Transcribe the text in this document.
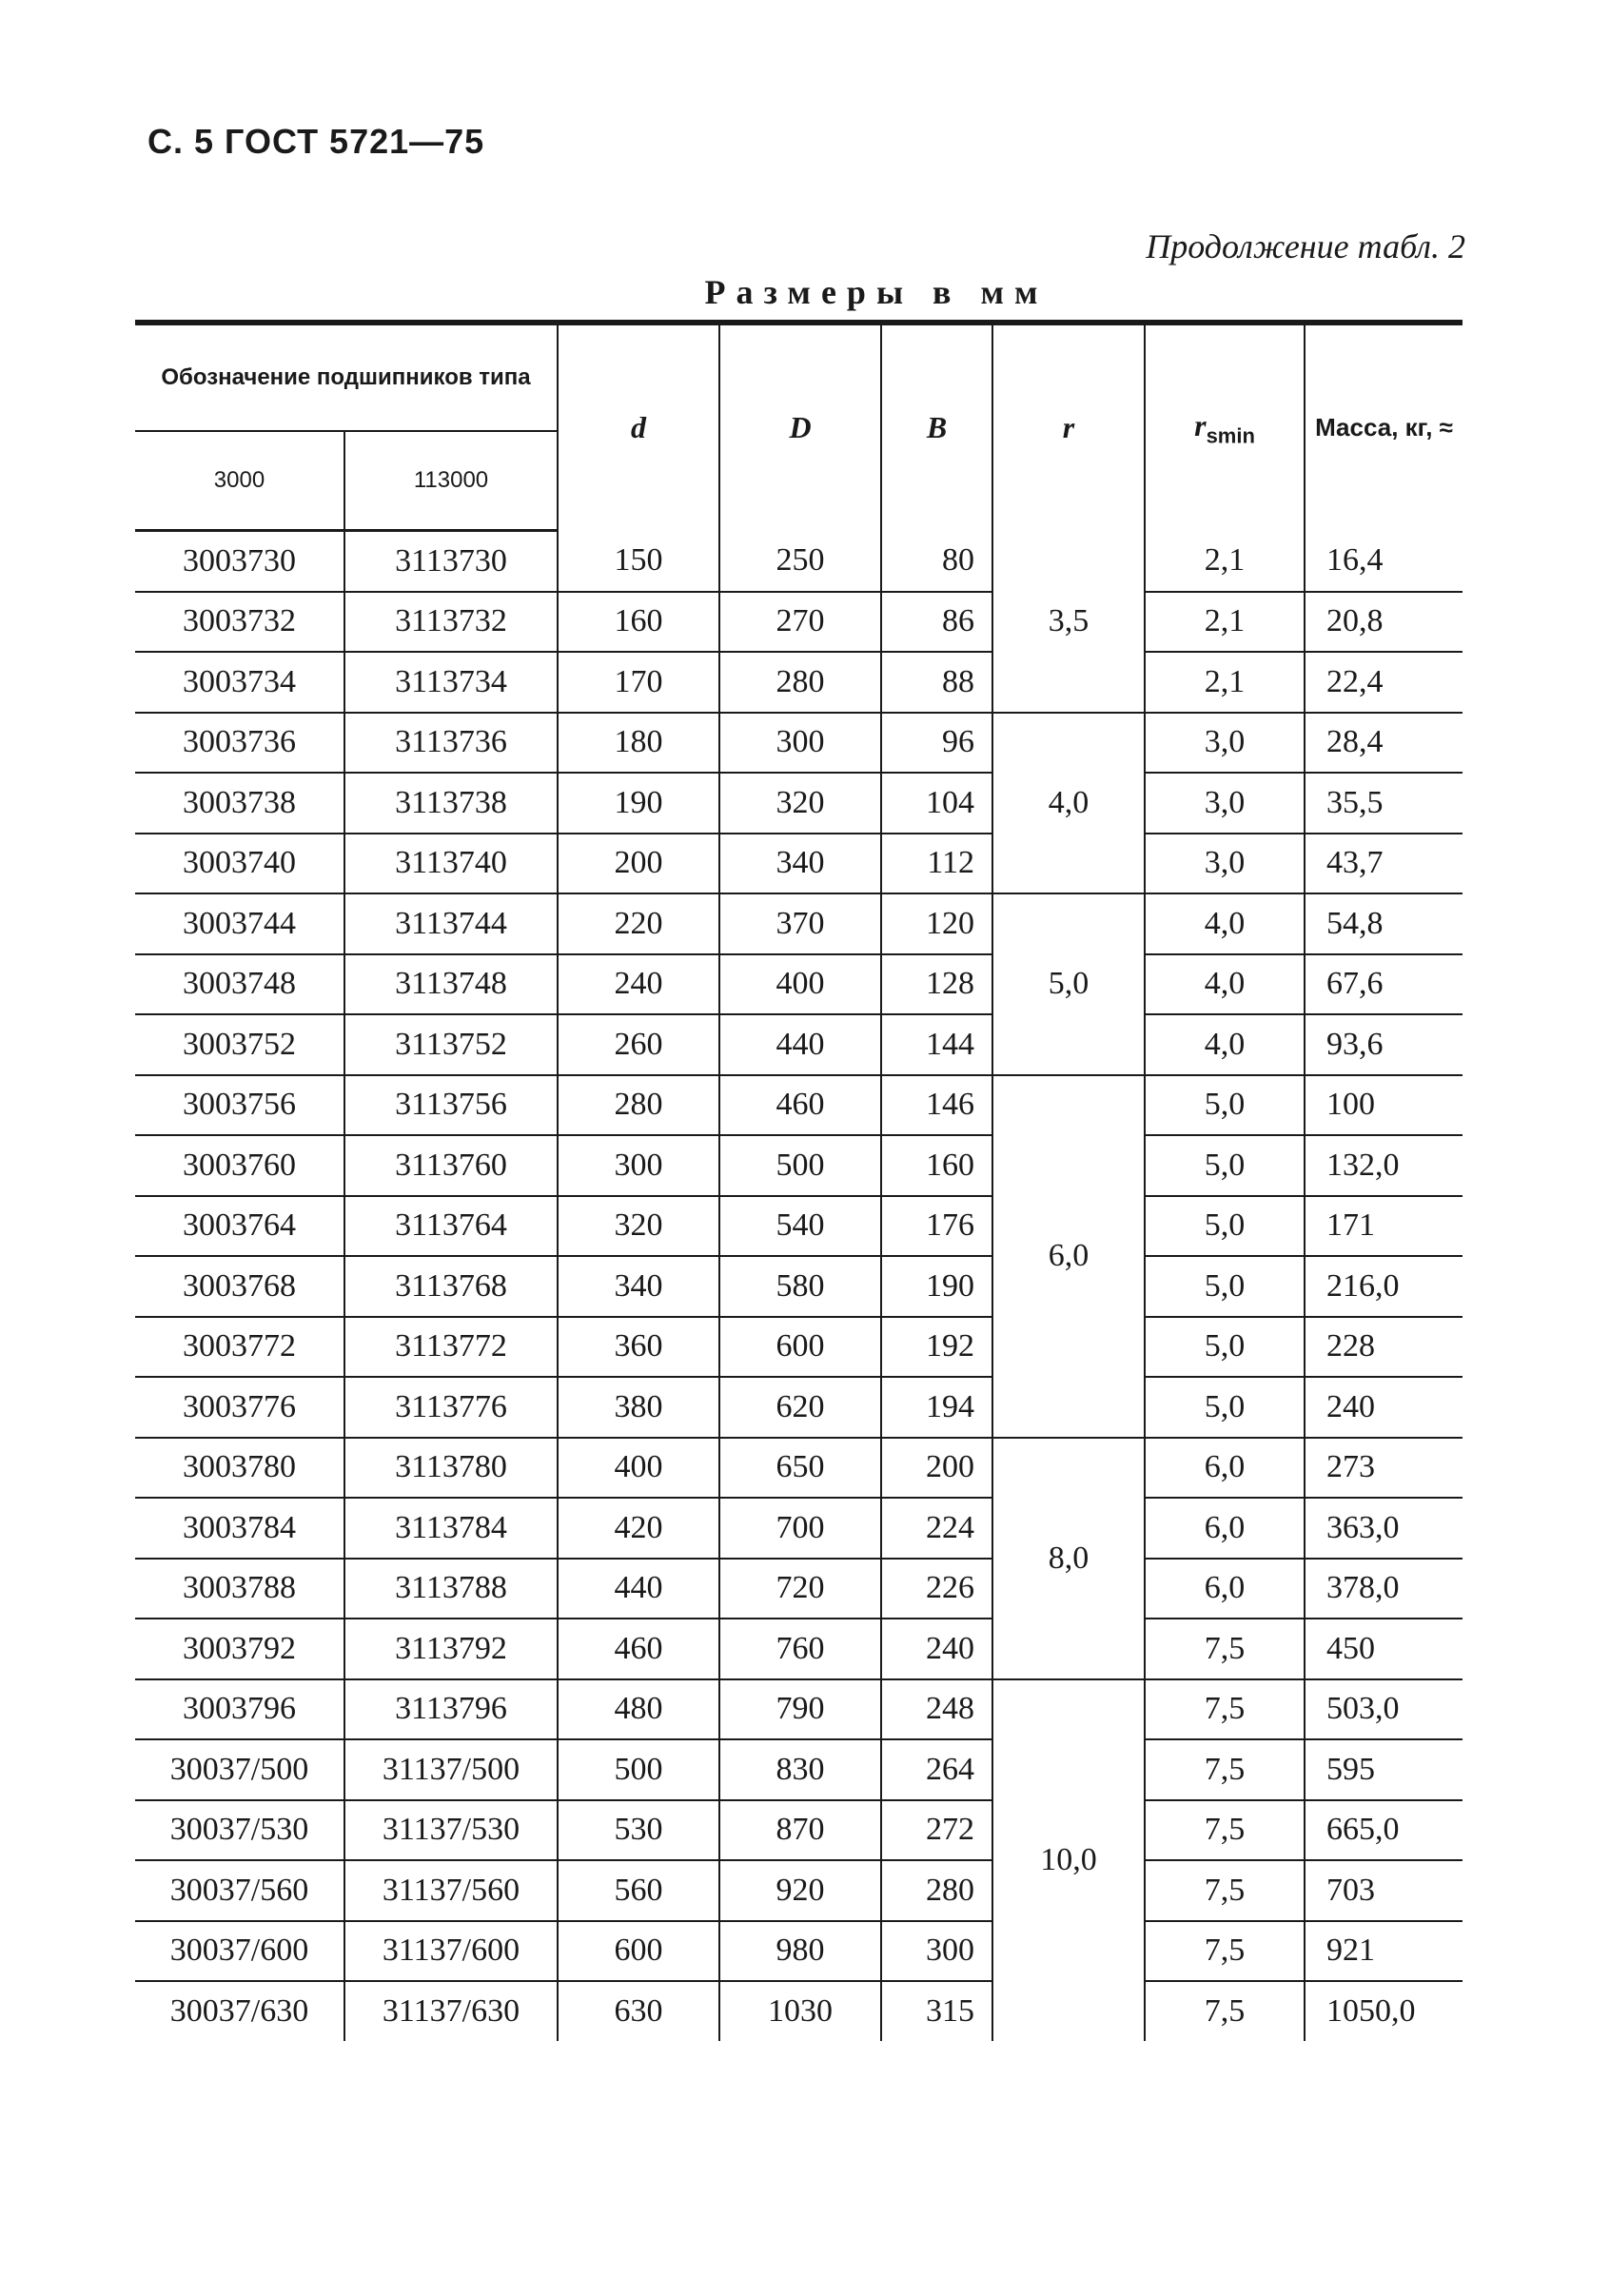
С. 5 ГОСТ 5721—75
Продолжение табл. 2
Размеры в мм
Обозначение подшипников типа		d	D	B	r	$r_{smin}$	Масса, кг, ≈
3000	113000						
3003730	3113730	150	250	80	3,5	2,1	16,4
3003732	3113732	160	270	86		2,1	20,8
3003734	3113734	170	280	88		2,1	22,4
3003736	3113736	180	300	96	4,0	3,0	28,4
3003738	3113738	190	320	104		3,0	35,5
3003740	3113740	200	340	112		3,0	43,7
3003744	3113744	220	370	120	5,0	4,0	54,8
3003748	3113748	240	400	128		4,0	67,6
3003752	3113752	260	440	144		4,0	93,6
3003756	3113756	280	460	146	6,0	5,0	100
3003760	3113760	300	500	160		5,0	132,0
3003764	3113764	320	540	176		5,0	171
3003768	3113768	340	580	190		5,0	216,0
3003772	3113772	360	600	192		5,0	228
3003776	3113776	380	620	194		5,0	240
3003780	3113780	400	650	200	8,0	6,0	273
3003784	3113784	420	700	224		6,0	363,0
3003788	3113788	440	720	226		6,0	378,0
3003792	3113792	460	760	240		7,5	450
3003796	3113796	480	790	248	10,0	7,5	503,0
30037/500	31137/500	500	830	264		7,5	595
30037/530	31137/530	530	870	272		7,5	665,0
30037/560	31137/560	560	920	280		7,5	703
30037/600	31137/600	600	980	300		7,5	921
30037/630	31137/630	630	1030	315		7,5	1050,0
